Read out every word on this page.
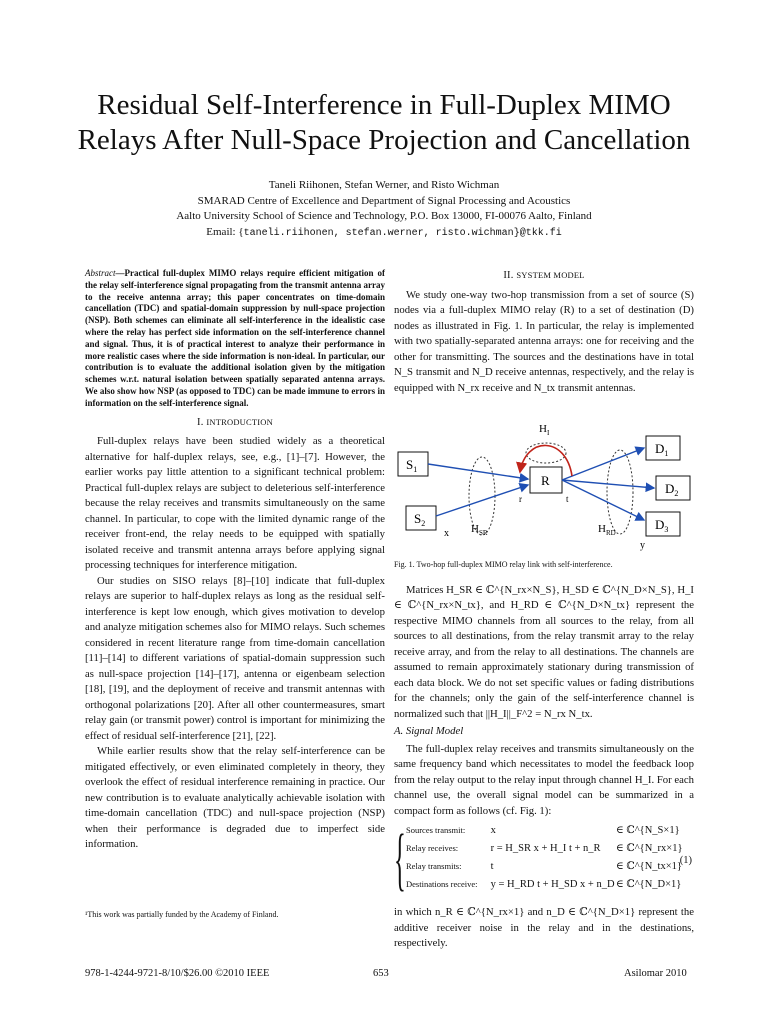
Residual Self-Interference in Full-Duplex MIMO
Relays After Null-Space Projection and Cancellation
Taneli Riihonen, Stefan Werner, and Risto Wichman
SMARAD Centre of Excellence and Department of Signal Processing and Acoustics
Aalto University School of Science and Technology, P.O. Box 13000, FI-00076 Aalto, Finland
Email: {taneli.riihonen, stefan.werner, risto.wichman}@tkk.fi
Abstract—Practical full-duplex MIMO relays require efficient mitigation of the relay self-interference signal propagating from the transmit antenna array to the receive antenna array; this paper concentrates on time-domain cancellation (TDC) and spatial-domain suppression by null-space projection (NSP). Both schemes can eliminate all self-interference in the idealistic case where the relay has perfect side information on the self-interference channel and signal. Thus, it is of practical interest to analyze their performance in more realistic cases where the side information is non-ideal. In particular, our contribution is to evaluate the additional isolation given by the mitigation schemes w.r.t. natural isolation between spatially separated antenna arrays. We also show how NSP (as opposed to TDC) can be made immune to errors in information on the self-interference signal.
I. INTRODUCTION

Full-duplex relays have been studied widely as a theoretical alternative for half-duplex relays, see, e.g., [1]–[7]. However, the earlier works pay little attention to a significant technical problem: Practical full-duplex relays are subject to deleterious self-interference because the relay receives and transmits simultaneously on the same channel. In particular, to cope with the limited dynamic range of the receiver front-end, the relay needs to be equipped with spatially isolated receive and transmit antenna arrays before applying signal processing techniques for interference mitigation.

Our studies on SISO relays [8]–[10] indicate that full-duplex relays are superior to half-duplex relays as long as the residual self-interference is kept low enough, which gives motivation to develop and analyze mitigation schemes also for MIMO relays. Such schemes considered in recent literature range from time-domain cancellation [11]–[14] to different variations of spatial-domain suppression such as null-space projection [14]–[17], antenna or eigenbeam selection [18], [19], and the deployment of receive and transmit antennas with orthogonal polarizations [20]. After all other countermeasures, smart relay gain (or transmit power) control is important for minimizing the effect of residual self-interference [21], [22].

While earlier results show that the relay self-interference can be mitigated effectively, or even eliminated completely in theory, they overlook the effect of residual interference remaining in practice. Our new contribution is to evaluate analytically achievable isolation with time-domain cancellation (TDC) and null-space projection (NSP) when their performance is degraded due to imperfect side information.

¹This work was partially funded by the Academy of Finland.
II. SYSTEM MODEL

We study one-way two-hop transmission from a set of source (S) nodes via a full-duplex MIMO relay (R) to a set of destination (D) nodes as illustrated in Fig. 1. In particular, the relay is implemented with two spatially-separated antenna arrays: one for receiving and the other for transmitting. The sources and the destinations have in total N_S transmit and N_D receive antennas, respectively, and the relay is equipped with N_rx receive and N_tx transmit antennas.

$S_1$
$S_2$
R
$D_1$
$D_2$
$D_3$
$H_I$
$H_{SR}$	$H_{RD}$
x
r	t
y
Fig. 1. Two-hop full-duplex MIMO relay link with self-interference.

Matrices H_SR ∈ ℂ^{N_rx×N_S}, H_SD ∈ ℂ^{N_D×N_S}, H_I ∈ ℂ^{N_rx×N_tx}, and H_RD ∈ ℂ^{N_D×N_tx} represent the respective MIMO channels from all sources to the relay, from all sources to all destinations, from the relay transmit array to the relay receive array, and from the relay to all destinations. The channels are assumed to remain approximately stationary during transmission of each data block. We do not set specific values or fading distributions for the channels; only the gain of the self-interference channel is normalized such that ||H_I||_F^2 = N_rx N_tx.

A. Signal Model

The full-duplex relay receives and transmits simultaneously on the same frequency band which necessitates to model the feedback loop from the relay output to the relay input through channel H_I. For each channel use, the overall signal model can be summarized in a compact form as follows (cf. Fig. 1):

{ Sources transmit: x	∈ ℂ^{N_S×1}
Relay receives:	r = H_SR x + H_I t + n_R	∈ ℂ^{N_rx×1}
Relay transmits:	t	∈ ℂ^{N_tx×1}
Destinations receive: y = H_RD t + H_SD x + n_D ∈ ℂ^{N_D×1}
(1)

in which n_R ∈ ℂ^{N_rx×1} and n_D ∈ ℂ^{N_D×1} represent the additive receiver noise in the relay and in the destinations, respectively.

978-1-4244-9721-8/10/$26.00 ©2010 IEEE	653	Asilomar 2010
